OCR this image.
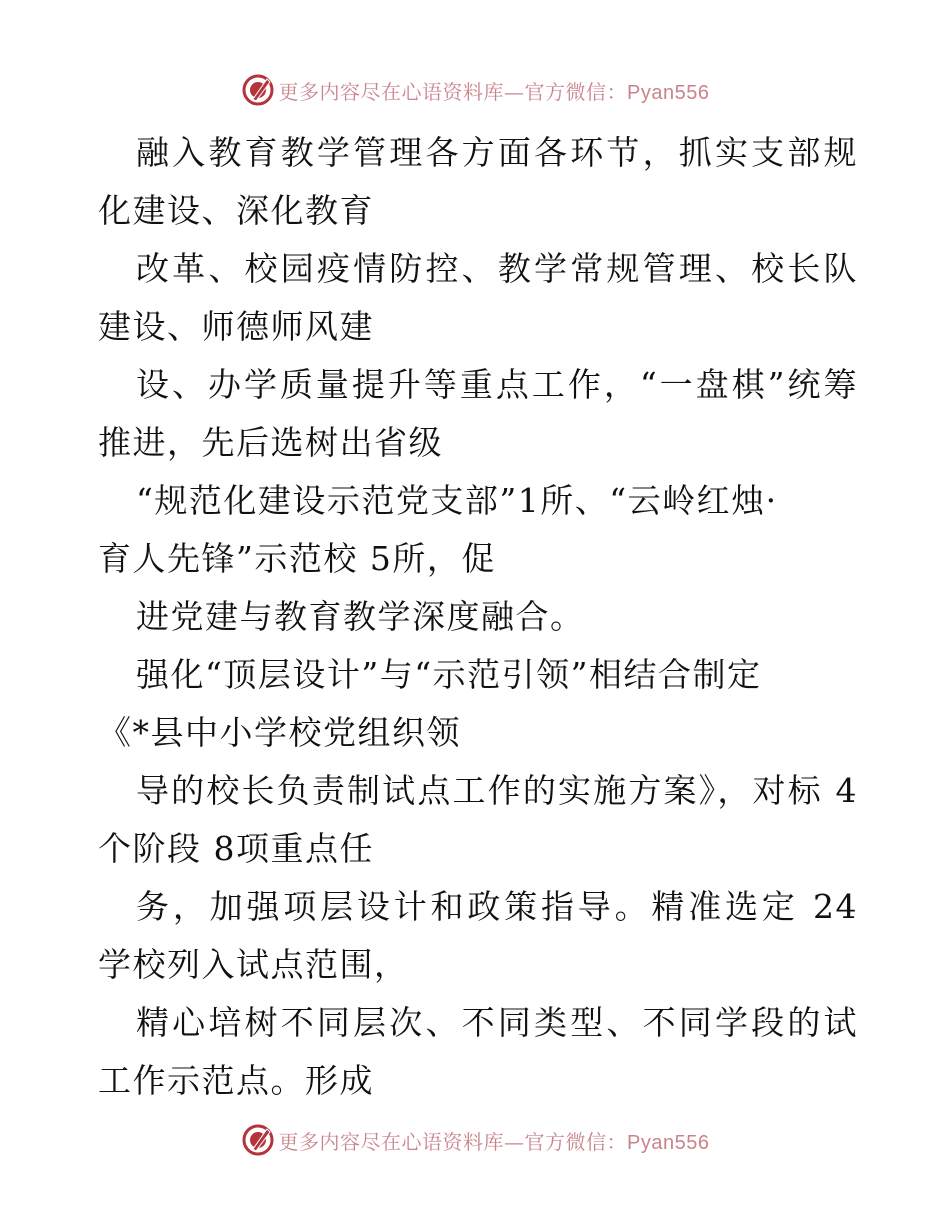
更多内容尽在心语资料库—官方微信：Pyan556
融入教育教学管理各方面各环节，抓实支部规
化建设、深化教育
改革、校园疫情防控、教学常规管理、校长队
建设、师德师风建
设、办学质量提升等重点工作，“一盘棋”统筹
推进，先后选树出省级
“规范化建设示范党支部”1所、“云岭红烛·
育人先锋”示范校 5所，促
进党建与教育教学深度融合。
强化“顶层设计”与“示范引领”相结合制定
《*县中小学校党组织领
导的校长负责制试点工作的实施方案》，对标 4
个阶段 8项重点任
务，加强项层设计和政策指导。精准选定 24
学校列入试点范围，
精心培树不同层次、不同类型、不同学段的试
工作示范点。形成
更多内容尽在心语资料库—官方微信：Pyan556
